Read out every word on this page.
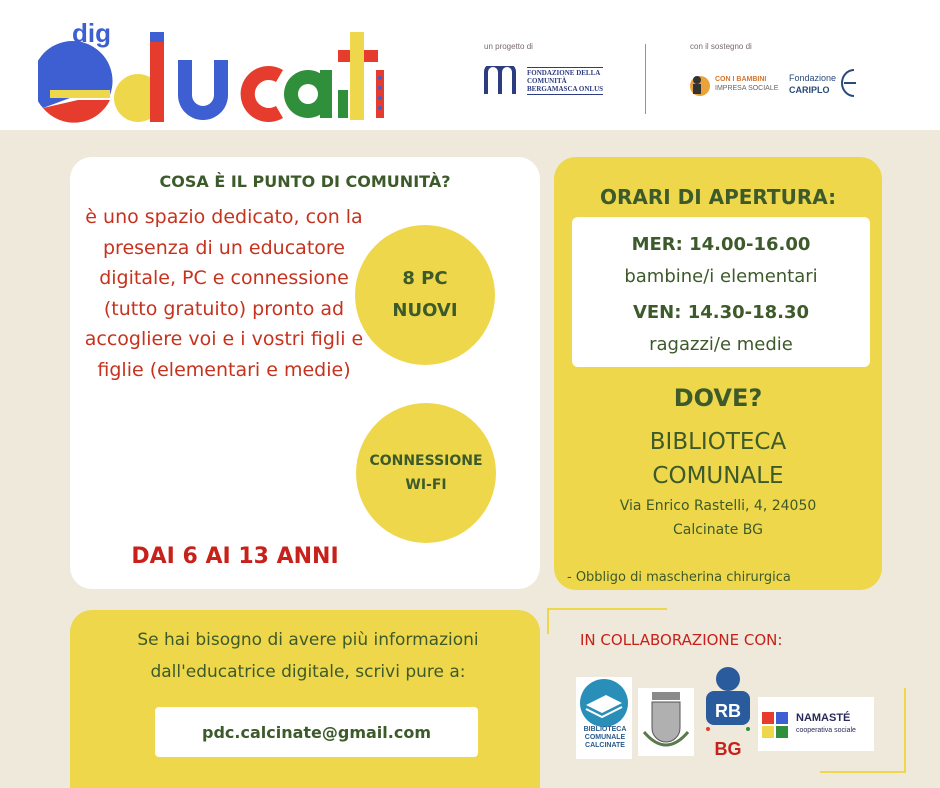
dig	un progetto di
FONDAZIONE DELLA
COMUNITÀ
BERGAMASCA ONLUS
con il sostegno di
CON I BAMBINI
IMPRESA SOCIALE
Fondazione
CARIPLO
COSA È IL PUNTO DI COMUNITÀ?
è uno spazio dedicato, con la presenza di un educatore digitale, PC e connessione (tutto gratuito) pronto ad accogliere voi e i vostri figli e figlie (elementari e medie)
DAI 6 AI 13 ANNI
8 PC
NUOVI
CONNESSIONE
WI-FI
ORARI DI APERTURA:
MER: 14.00-16.00
bambine/i elementari
VEN: 14.30-18.30
ragazzi/e medie
DOVE?
BIBLIOTECA
COMUNALE
Via Enrico Rastelli, 4, 24050
Calcinate BG
- Obbligo di mascherina chirurgica
Se hai bisogno di avere più informazioni
dall'educatrice digitale, scrivi pure a:
pdc.calcinate@gmail.com
IN COLLABORAZIONE CON:
BIBLIOTECA
COMUNALE
CALCINATE
RB
BG
NAMASTÉ
cooperativa sociale
